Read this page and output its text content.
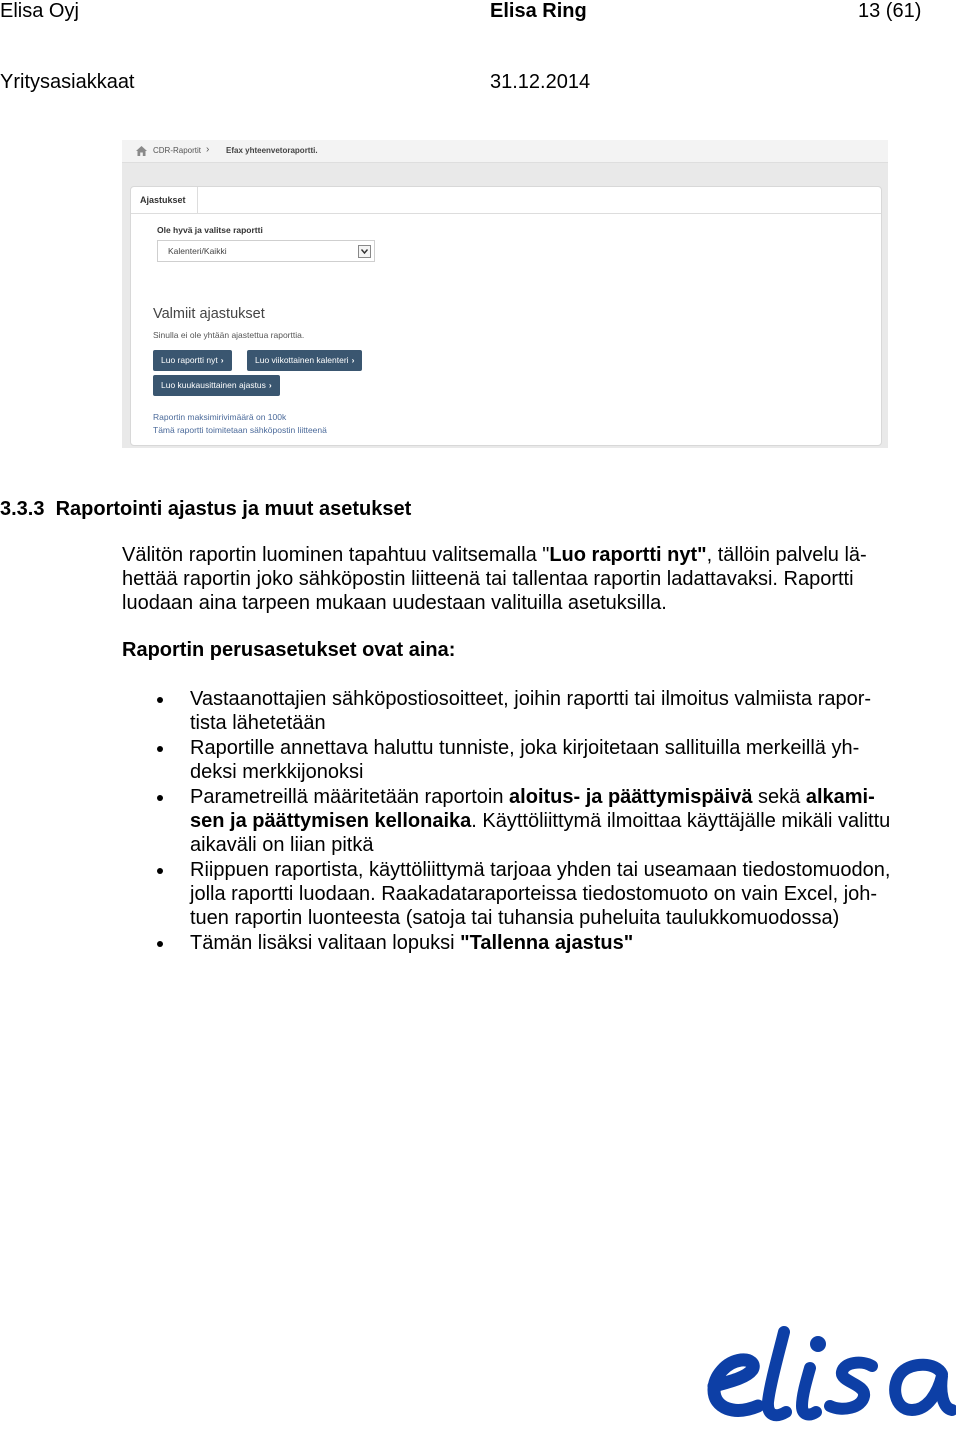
Elisa Oyj	Elisa Ring	13 (61)
Yritysasiakkaat	31.12.2014
CDR-Raportit › Efax yhteenvetoraportti.
Ajastukset
Ole hyvä ja valitse raportti
Kalenteri/Kaikki
Valmiit ajastukset
Sinulla ei ole yhtään ajastettua raporttia.
Luo raportti nyt ›	Luo viikottainen kalenteri ›
Luo kuukausittainen ajastus ›
Raportin maksimirivimäärä on 100k
Tämä raportti toimitetaan sähköpostin liitteenä
3.3.3 Raportointi ajastus ja muut asetukset
Välitön raportin luominen tapahtuu valitsemalla "Luo raportti nyt", tällöin palvelu lä-
hettää raportin joko sähköpostin liitteenä tai tallentaa raportin ladattavaksi. Raportti
luodaan aina tarpeen mukaan uudestaan valituilla asetuksilla.
Raportin perusasetukset ovat aina:
Vastaanottajien sähköpostiosoitteet, joihin raportti tai ilmoitus valmiista rapor-
tista lähetetään
Raportille annettava haluttu tunniste, joka kirjoitetaan sallituilla merkeillä yh-
deksi merkkijonoksi
Parametreillä määritetään raportoin aloitus- ja päättymispäivä sekä alkami-
sen ja päättymisen kellonaika. Käyttöliittymä ilmoittaa käyttäjälle mikäli valittu
aikaväli on liian pitkä
Riippuen raportista, käyttöliittymä tarjoaa yhden tai useamaan tiedostomuodon,
jolla raportti luodaan. Raakadataraporteissa tiedostomuoto on vain Excel, joh-
tuen raportin luonteesta (satoja tai tuhansia puheluita taulukkomuodossa)
Tämän lisäksi valitaan lopuksi "Tallenna ajastus"
